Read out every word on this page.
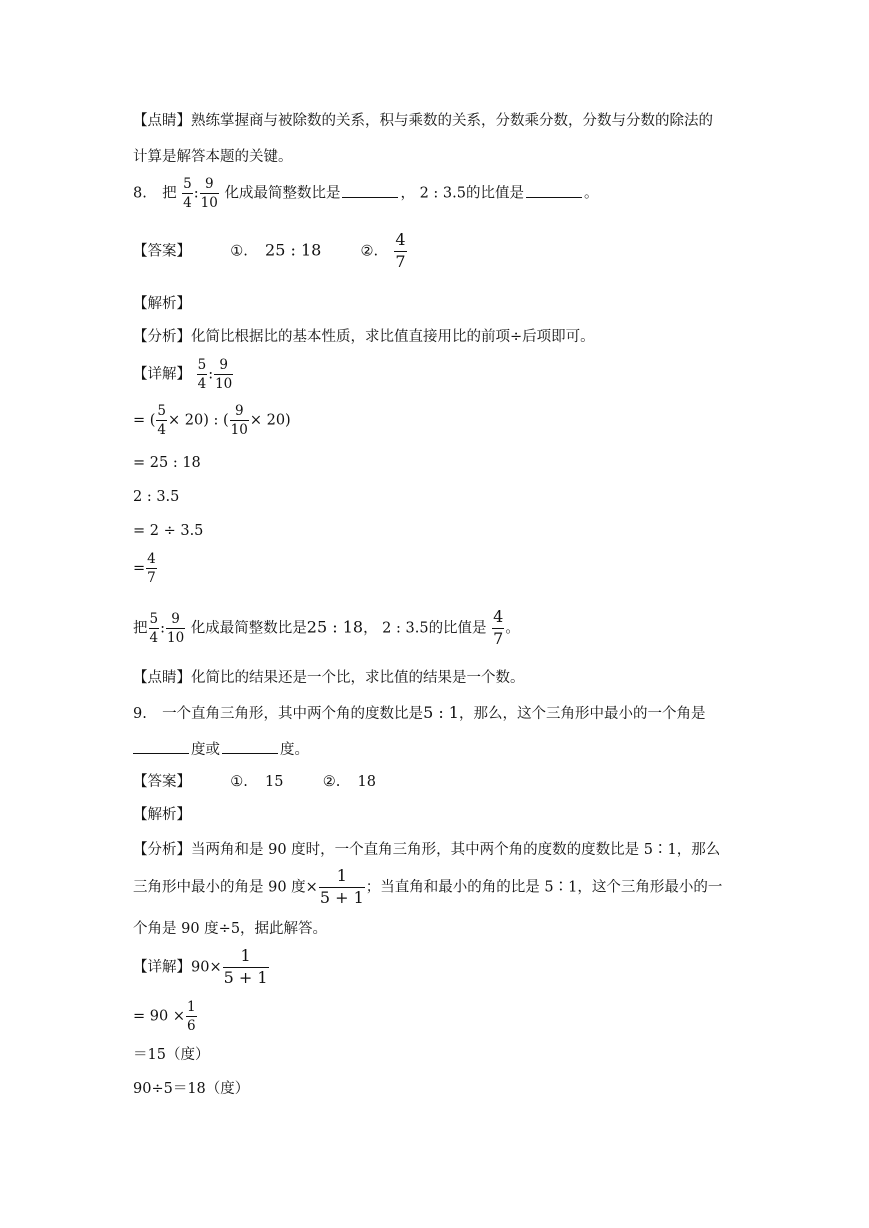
【点睛】熟练掌握商与被除数的关系，积与乘数的关系，分数乘分数，分数与分数的除法的
计算是解答本题的关键。
8. 把 $\frac{5}{4}$ : $\frac{9}{10}$ 化成最简整数比是	， 2 : 3.5的比值是	。
【答案】	①. 25 : 18	②. $\frac{4}{7}$
【解析】
【分析】化简比根据比的基本性质，求比值直接用比的前项÷后项即可。
【详解】 $\frac{5}{4}$ : $\frac{9}{10}$
= ( $\frac{5}{4} \times 20$) : ( $\frac{9}{10} \times 20$)
= 25 : 18
2 : 3.5
= 2 ÷ 3.5
= $\frac{4}{7}$
把 $\frac{5}{4}$ : $\frac{9}{10}$ 化成最简整数比是25 : 18， 2 : 3.5的比值是 $\frac{4}{7}$ 。
【点睛】化简比的结果还是一个比，求比值的结果是一个数。
9. 一个直角三角形，其中两个角的度数比是5 : 1，那么，这个三角形中最小的一个角是
度或	度。
【答案】	①. 15	②. 18
【解析】
【分析】当两角和是 90 度时，一个直角三角形，其中两个角的度数的度数比是 5∶1，那么
三角形中最小的角是 90 度× $\frac{1}{5 + 1}$ ；当直角和最小的角的比是 5∶1，这个三角形最小的一
个角是 90 度÷5，据此解答。
【详解】$90\times \frac{1}{5 + 1}$
= $90 \times \frac{1}{6}$
＝15（度）
90÷5＝18（度）
